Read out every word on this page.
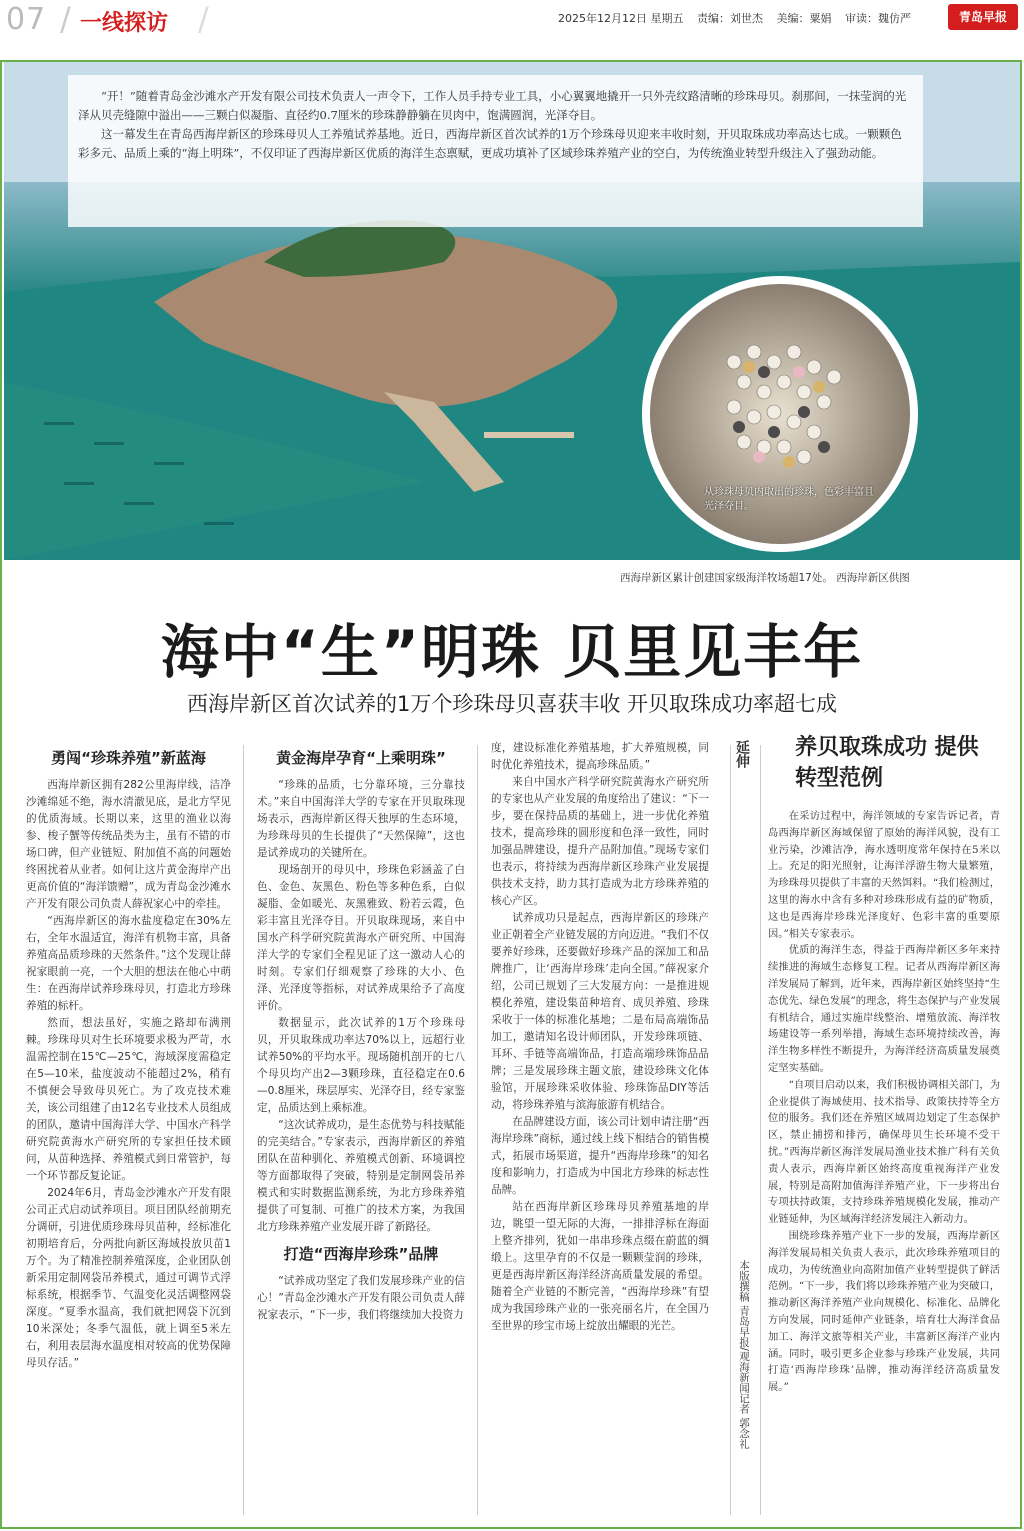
07 / 一线探访 /	2025年12月12日 星期五 责编：刘世杰 美编：粟娟 审读：魏仿严	青岛早报
从珍珠母贝内取出的珍珠，色彩丰富且光泽夺目。

“开！”随着青岛金沙滩水产开发有限公司技术负责人一声令下，工作人员手持专业工具，小心翼翼地撬开一只外壳纹路清晰的珍珠母贝。刹那间，一抹莹润的光泽从贝壳缝隙中溢出——三颗白似凝脂、直径约0.7厘米的珍珠静静躺在贝肉中，饱满圆润，光泽夺目。

这一幕发生在青岛西海岸新区的珍珠母贝人工养殖试养基地。近日，西海岸新区首次试养的1万个珍珠母贝迎来丰收时刻，开贝取珠成功率高达七成。一颗颗色彩多元、品质上乘的“海上明珠”，不仅印证了西海岸新区优质的海洋生态禀赋，更成功填补了区域珍珠养殖产业的空白，为传统渔业转型升级注入了强劲动能。

西海岸新区累计创建国家级海洋牧场超17处。 西海岸新区供图
海中“生”明珠 贝里见丰年
西海岸新区首次试养的1万个珍珠母贝喜获丰收 开贝取珠成功率超七成
勇闯“珍珠养殖”新蓝海

西海岸新区拥有282公里海岸线，洁净沙滩绵延不绝，海水清澈见底，是北方罕见的优质海域。长期以来，这里的渔业以海参、梭子蟹等传统品类为主，虽有不错的市场口碑，但产业链短、附加值不高的问题始终困扰着从业者。如何让这片黄金海岸产出更高价值的“海洋馈赠”，成为青岛金沙滩水产开发有限公司负责人薛祝家心中的牵挂。

“西海岸新区的海水盐度稳定在30%左右，全年水温适宜，海洋有机物丰富，具备养殖高品质珍珠的天然条件。”这个发现让薛祝家眼前一亮，一个大胆的想法在他心中萌生：在西海岸试养珍珠母贝，打造北方珍珠养殖的标杆。

然而，想法虽好，实施之路却布满荆棘。珍珠母贝对生长环境要求极为严苛，水温需控制在15℃—25℃，海域深度需稳定在5—10米，盐度波动不能超过2%，稍有不慎便会导致母贝死亡。为了攻克技术难关，该公司组建了由12名专业技术人员组成的团队，邀请中国海洋大学、中国水产科学研究院黄海水产研究所的专家担任技术顾问，从苗种选择、养殖模式到日常管护，每一个环节都反复论证。

2024年6月，青岛金沙滩水产开发有限公司正式启动试养项目。项目团队经前期充分调研，引进优质珍珠母贝苗种，经标准化初期培育后，分两批向新区海域投放贝苗1万个。为了精准控制养殖深度，企业团队创新采用定制网袋吊养模式，通过可调节式浮标系统，根据季节、气温变化灵活调整网袋深度。“夏季水温高，我们就把网袋下沉到10米深处；冬季气温低，就上调至5米左右，利用表层海水温度相对较高的优势保障母贝存活。”

黄金海岸孕育“上乘明珠”

“珍珠的品质，七分靠环境，三分靠技术。”来自中国海洋大学的专家在开贝取珠现场表示，西海岸新区得天独厚的生态环境，为珍珠母贝的生长提供了“天然保障”，这也是试养成功的关键所在。

现场剖开的母贝中，珍珠色彩涵盖了白色、金色、灰黑色、粉色等多种色系，白似凝脂、金如暖光、灰黑雅致、粉若云霞，色彩丰富且光泽夺目。开贝取珠现场，来自中国水产科学研究院黄海水产研究所、中国海洋大学的专家们全程见证了这一激动人心的时刻。专家们仔细观察了珍珠的大小、色泽、光泽度等指标，对试养成果给予了高度评价。

数据显示，此次试养的1万个珍珠母贝，开贝取珠成功率达70%以上，远超行业试养50%的平均水平。现场随机剖开的七八个母贝均产出2—3颗珍珠，直径稳定在0.6—0.8厘米，珠层厚实、光泽夺目，经专家鉴定，品质达到上乘标准。

“这次试养成功，是生态优势与科技赋能的完美结合。”专家表示，西海岸新区的养殖团队在苗种驯化、养殖模式创新、环境调控等方面都取得了突破，特别是定制网袋吊养模式和实时数据监测系统，为北方珍珠养殖提供了可复制、可推广的技术方案，为我国北方珍珠养殖产业发展开辟了新路径。

打造“西海岸珍珠”品牌

“试养成功坚定了我们发展珍珠产业的信心！”青岛金沙滩水产开发有限公司负责人薛祝家表示，“下一步，我们将继续加大投资力

度，建设标准化养殖基地，扩大养殖规模，同时优化养殖技术，提高珍珠品质。”

来自中国水产科学研究院黄海水产研究所的专家也从产业发展的角度给出了建议：“下一步，要在保持品质的基础上，进一步优化养殖技术，提高珍珠的圆形度和色泽一致性，同时加强品牌建设，提升产品附加值。”现场专家们也表示，将持续为西海岸新区珍珠产业发展提供技术支持，助力其打造成为北方珍珠养殖的核心产区。

试养成功只是起点，西海岸新区的珍珠产业正朝着全产业链发展的方向迈进。“我们不仅要养好珍珠，还要做好珍珠产品的深加工和品牌推广，让‘西海岸珍珠’走向全国。”薛祝家介绍，公司已规划了三大发展方向：一是推进规模化养殖，建设集苗种培育、成贝养殖、珍珠采收于一体的标准化基地；二是布局高端饰品加工，邀请知名设计师团队，开发珍珠项链、耳环、手链等高端饰品，打造高端珍珠饰品品牌；三是发展珍珠主题文旅，建设珍珠文化体验馆，开展珍珠采收体验、珍珠饰品DIY等活动，将珍珠养殖与滨海旅游有机结合。

在品牌建设方面，该公司计划申请注册“西海岸珍珠”商标，通过线上线下相结合的销售模式，拓展市场渠道，提升“西海岸珍珠”的知名度和影响力，打造成为中国北方珍珠的标志性品牌。

站在西海岸新区珍珠母贝养殖基地的岸边，眺望一望无际的大海，一排排浮标在海面上整齐排列，犹如一串串珍珠点缀在蔚蓝的绸缎上。这里孕育的不仅是一颗颗莹润的珍珠，更是西海岸新区海洋经济高质量发展的希望。随着全产业链的不断完善，“西海岸珍珠”有望成为我国珍珠产业的一张亮丽名片，在全国乃至世界的珍宝市场上绽放出耀眼的光芒。

延伸
本版撰稿 青岛早报/观海新闻记者 郭念礼
养贝取珠成功 提供转型范例

在采访过程中，海洋领域的专家告诉记者，青岛西海岸新区海域保留了原始的海洋风貌，没有工业污染，沙滩洁净，海水透明度常年保持在5米以上。充足的阳光照射，让海洋浮游生物大量繁殖，为珍珠母贝提供了丰富的天然饵料。“我们检测过，这里的海水中含有多种对珍珠形成有益的矿物质，这也是西海岸珍珠光泽度好、色彩丰富的重要原因。”相关专家表示。

优质的海洋生态，得益于西海岸新区多年来持续推进的海域生态修复工程。记者从西海岸新区海洋发展局了解到，近年来，西海岸新区始终坚持“生态优先、绿色发展”的理念，将生态保护与产业发展有机结合，通过实施岸线整治、增殖放流、海洋牧场建设等一系列举措，海域生态环境持续改善，海洋生物多样性不断提升，为海洋经济高质量发展奠定坚实基础。

“自项目启动以来，我们积极协调相关部门，为企业提供了海域使用、技术指导、政策扶持等全方位的服务。我们还在养殖区域周边划定了生态保护区，禁止捕捞和排污，确保母贝生长环境不受干扰。”西海岸新区海洋发展局渔业技术推广科有关负责人表示，西海岸新区始终高度重视海洋产业发展，特别是高附加值海洋养殖产业，下一步将出台专项扶持政策，支持珍珠养殖规模化发展，推动产业链延伸，为区域海洋经济发展注入新动力。

围绕珍珠养殖产业下一步的发展，西海岸新区海洋发展局相关负责人表示，此次珍珠养殖项目的成功，为传统渔业向高附加值产业转型提供了鲜活范例。“下一步，我们将以珍珠养殖产业为突破口，推动新区海洋养殖产业向规模化、标准化、品牌化方向发展，同时延伸产业链条，培育壮大海洋食品加工、海洋文旅等相关产业，丰富新区海洋产业内涵。同时，吸引更多企业参与珍珠产业发展，共同打造‘西海岸珍珠’品牌，推动海洋经济高质量发展。”
